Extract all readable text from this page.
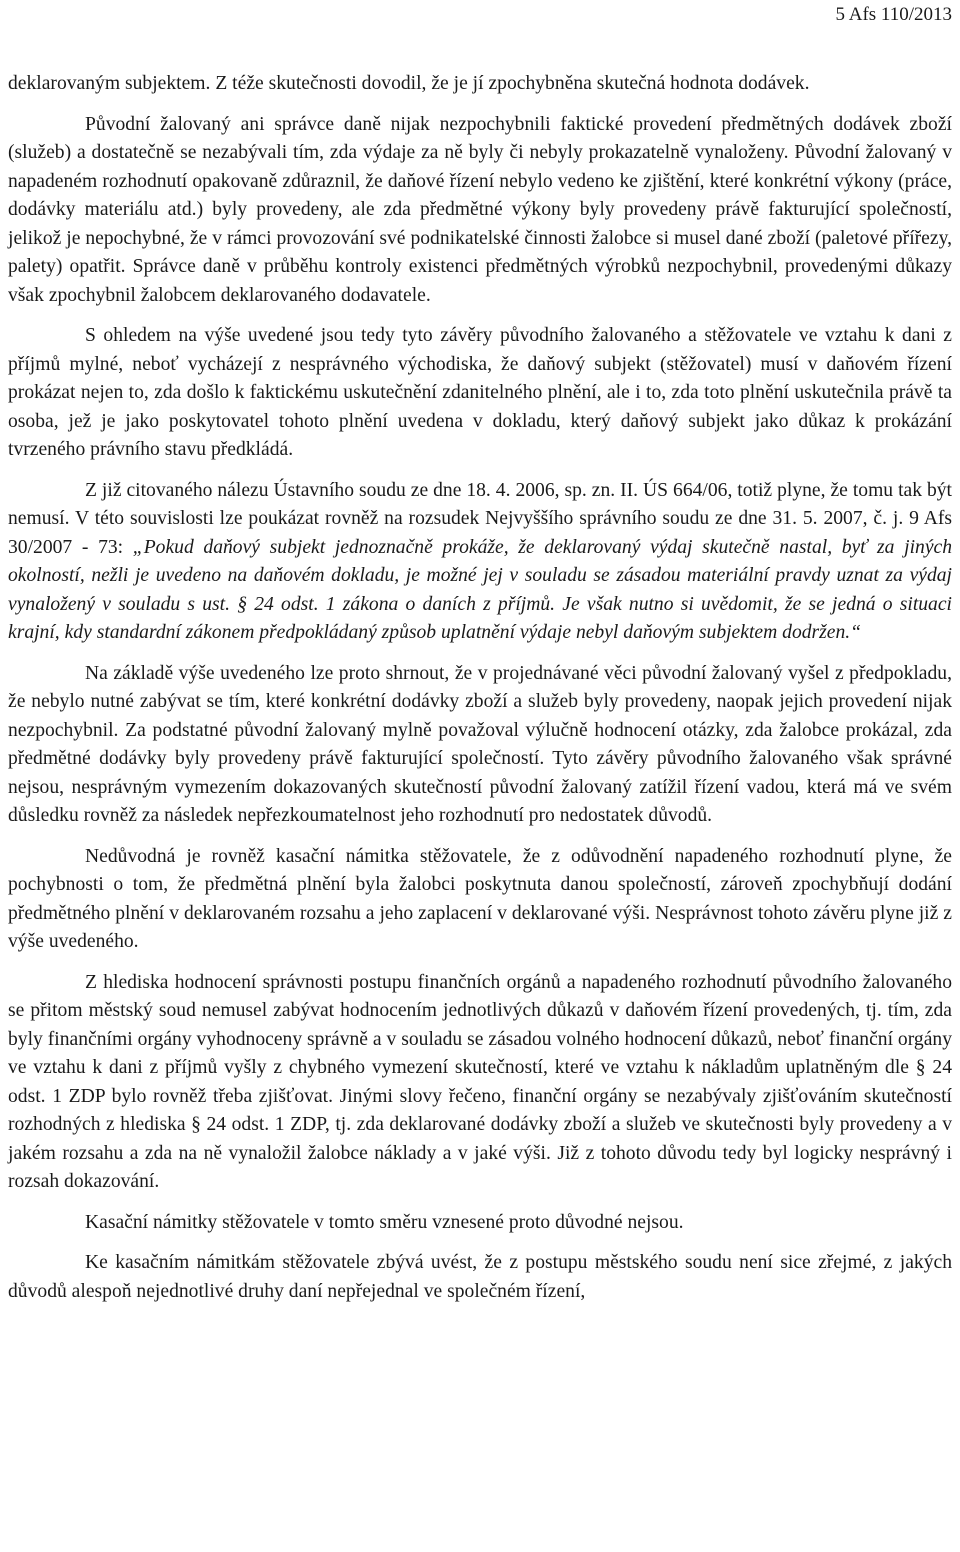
5 Afs 110/2013

deklarovaným subjektem. Z téže skutečnosti dovodil, že je jí zpochybněna skutečná hodnota dodávek.

Původní žalovaný ani správce daně nijak nezpochybnili faktické provedení předmětných dodávek zboží (služeb) a dostatečně se nezabývali tím, zda výdaje za ně byly či nebyly prokazatelně vynaloženy. Původní žalovaný v napadeném rozhodnutí opakovaně zdůraznil, že daňové řízení nebylo vedeno ke zjištění, které konkrétní výkony (práce, dodávky materiálu atd.) byly provedeny, ale zda předmětné výkony byly provedeny právě fakturující společností, jelikož je nepochybné, že v rámci provozování své podnikatelské činnosti žalobce si musel dané zboží (paletové přířezy, palety) opatřit. Správce daně v průběhu kontroly existenci předmětných výrobků nezpochybnil, provedenými důkazy však zpochybnil žalobcem deklarovaného dodavatele.

S ohledem na výše uvedené jsou tedy tyto závěry původního žalovaného a stěžovatele ve vztahu k dani z příjmů mylné, neboť vycházejí z nesprávného východiska, že daňový subjekt (stěžovatel) musí v daňovém řízení prokázat nejen to, zda došlo k faktickému uskutečnění zdanitelného plnění, ale i to, zda toto plnění uskutečnila právě ta osoba, jež je jako poskytovatel tohoto plnění uvedena v dokladu, který daňový subjekt jako důkaz k prokázání tvrzeného právního stavu předkládá.

Z již citovaného nálezu Ústavního soudu ze dne 18. 4. 2006, sp. zn. II. ÚS 664/06, totiž plyne, že tomu tak být nemusí. V této souvislosti lze poukázat rovněž na rozsudek Nejvyššího správního soudu ze dne 31. 5. 2007, č. j. 9 Afs 30/2007 - 73: „Pokud daňový subjekt jednoznačně prokáže, že deklarovaný výdaj skutečně nastal, byť za jiných okolností, nežli je uvedeno na daňovém dokladu, je možné jej v souladu se zásadou materiální pravdy uznat za výdaj vynaložený v souladu s ust. § 24 odst. 1 zákona o daních z příjmů. Je však nutno si uvědomit, že se jedná o situaci krajní, kdy standardní zákonem předpokládaný způsob uplatnění výdaje nebyl daňovým subjektem dodržen.“

Na základě výše uvedeného lze proto shrnout, že v projednávané věci původní žalovaný vyšel z předpokladu, že nebylo nutné zabývat se tím, které konkrétní dodávky zboží a služeb byly provedeny, naopak jejich provedení nijak nezpochybnil. Za podstatné původní žalovaný mylně považoval výlučně hodnocení otázky, zda žalobce prokázal, zda předmětné dodávky byly provedeny právě fakturující společností. Tyto závěry původního žalovaného však správné nejsou, nesprávným vymezením dokazovaných skutečností původní žalovaný zatížil řízení vadou, která má ve svém důsledku rovněž za následek nepřezkoumatelnost jeho rozhodnutí pro nedostatek důvodů.

Nedůvodná je rovněž kasační námitka stěžovatele, že z odůvodnění napadeného rozhodnutí plyne, že pochybnosti o tom, že předmětná plnění byla žalobci poskytnuta danou společností, zároveň zpochybňují dodání předmětného plnění v deklarovaném rozsahu a jeho zaplacení v deklarované výši. Nesprávnost tohoto závěru plyne již z výše uvedeného.

Z hlediska hodnocení správnosti postupu finančních orgánů a napadeného rozhodnutí původního žalovaného se přitom městský soud nemusel zabývat hodnocením jednotlivých důkazů v daňovém řízení provedených, tj. tím, zda byly finančními orgány vyhodnoceny správně a v souladu se zásadou volného hodnocení důkazů, neboť finanční orgány ve vztahu k dani z příjmů vyšly z chybného vymezení skutečností, které ve vztahu k nákladům uplatněným dle § 24 odst. 1 ZDP bylo rovněž třeba zjišťovat. Jinými slovy řečeno, finanční orgány se nezabývaly zjišťováním skutečností rozhodných z hlediska § 24 odst. 1 ZDP, tj. zda deklarované dodávky zboží a služeb ve skutečnosti byly provedeny a v jakém rozsahu a zda na ně vynaložil žalobce náklady a v jaké výši. Již z tohoto důvodu tedy byl logicky nesprávný i rozsah dokazování.

Kasační námitky stěžovatele v tomto směru vznesené proto důvodné nejsou.

Ke kasačním námitkám stěžovatele zbývá uvést, že z postupu městského soudu není sice zřejmé, z jakých důvodů alespoň nejednotlivé druhy daní nepřejednal ve společném řízení,
